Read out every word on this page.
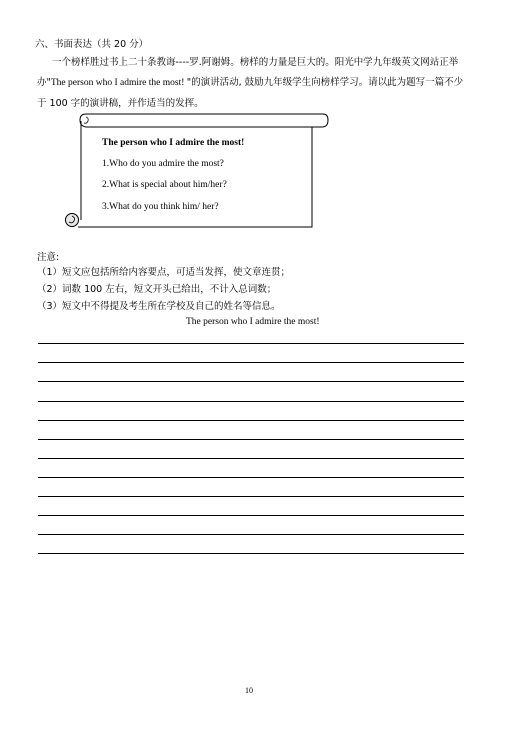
六、书面表达（共 20 分）
一个榜样胜过书上二十条教诲----罗.阿谢姆。榜样的力量是巨大的。阳光中学九年级英文网站正举
办"The person who I admire the most! "的演讲活动, 鼓励九年级学生向榜样学习。请以此为题写一篇不少
于 100 字的演讲稿，并作适当的发挥。
The person who I admire the most!
1.Who do you admire the most?
2.What is special about him/her?
3.What do you think him/ her?
注意:
（1）短文应包括所给内容要点，可适当发挥，使文章连贯；
（2）词数 100 左右，短文开头已给出，不计入总词数；
（3）短文中不得提及考生所在学校及自己的姓名等信息。
The person who I admire the most!
10
